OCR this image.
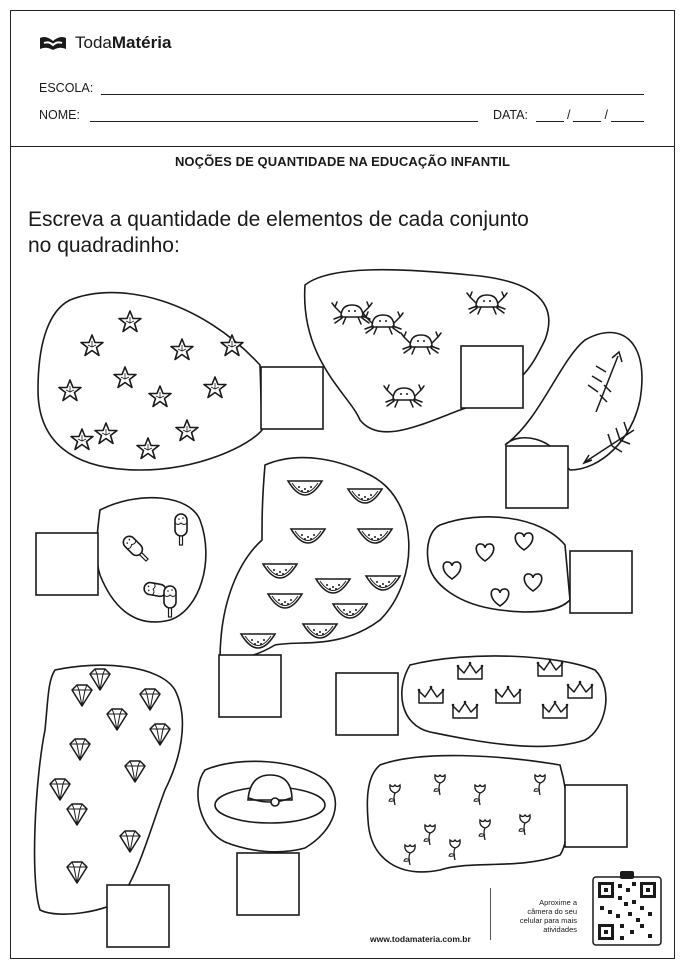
TodaMatéria
ESCOLA:
NOME:	DATA:	/	/
NOÇÕES DE QUANTIDADE NA EDUCAÇÃO INFANTIL
Escreva a quantidade de elementos de cada conjunto
no quadradinho:
Aproxime a
câmera do seu
celular para mais
atividades
www.todamateria.com.br
